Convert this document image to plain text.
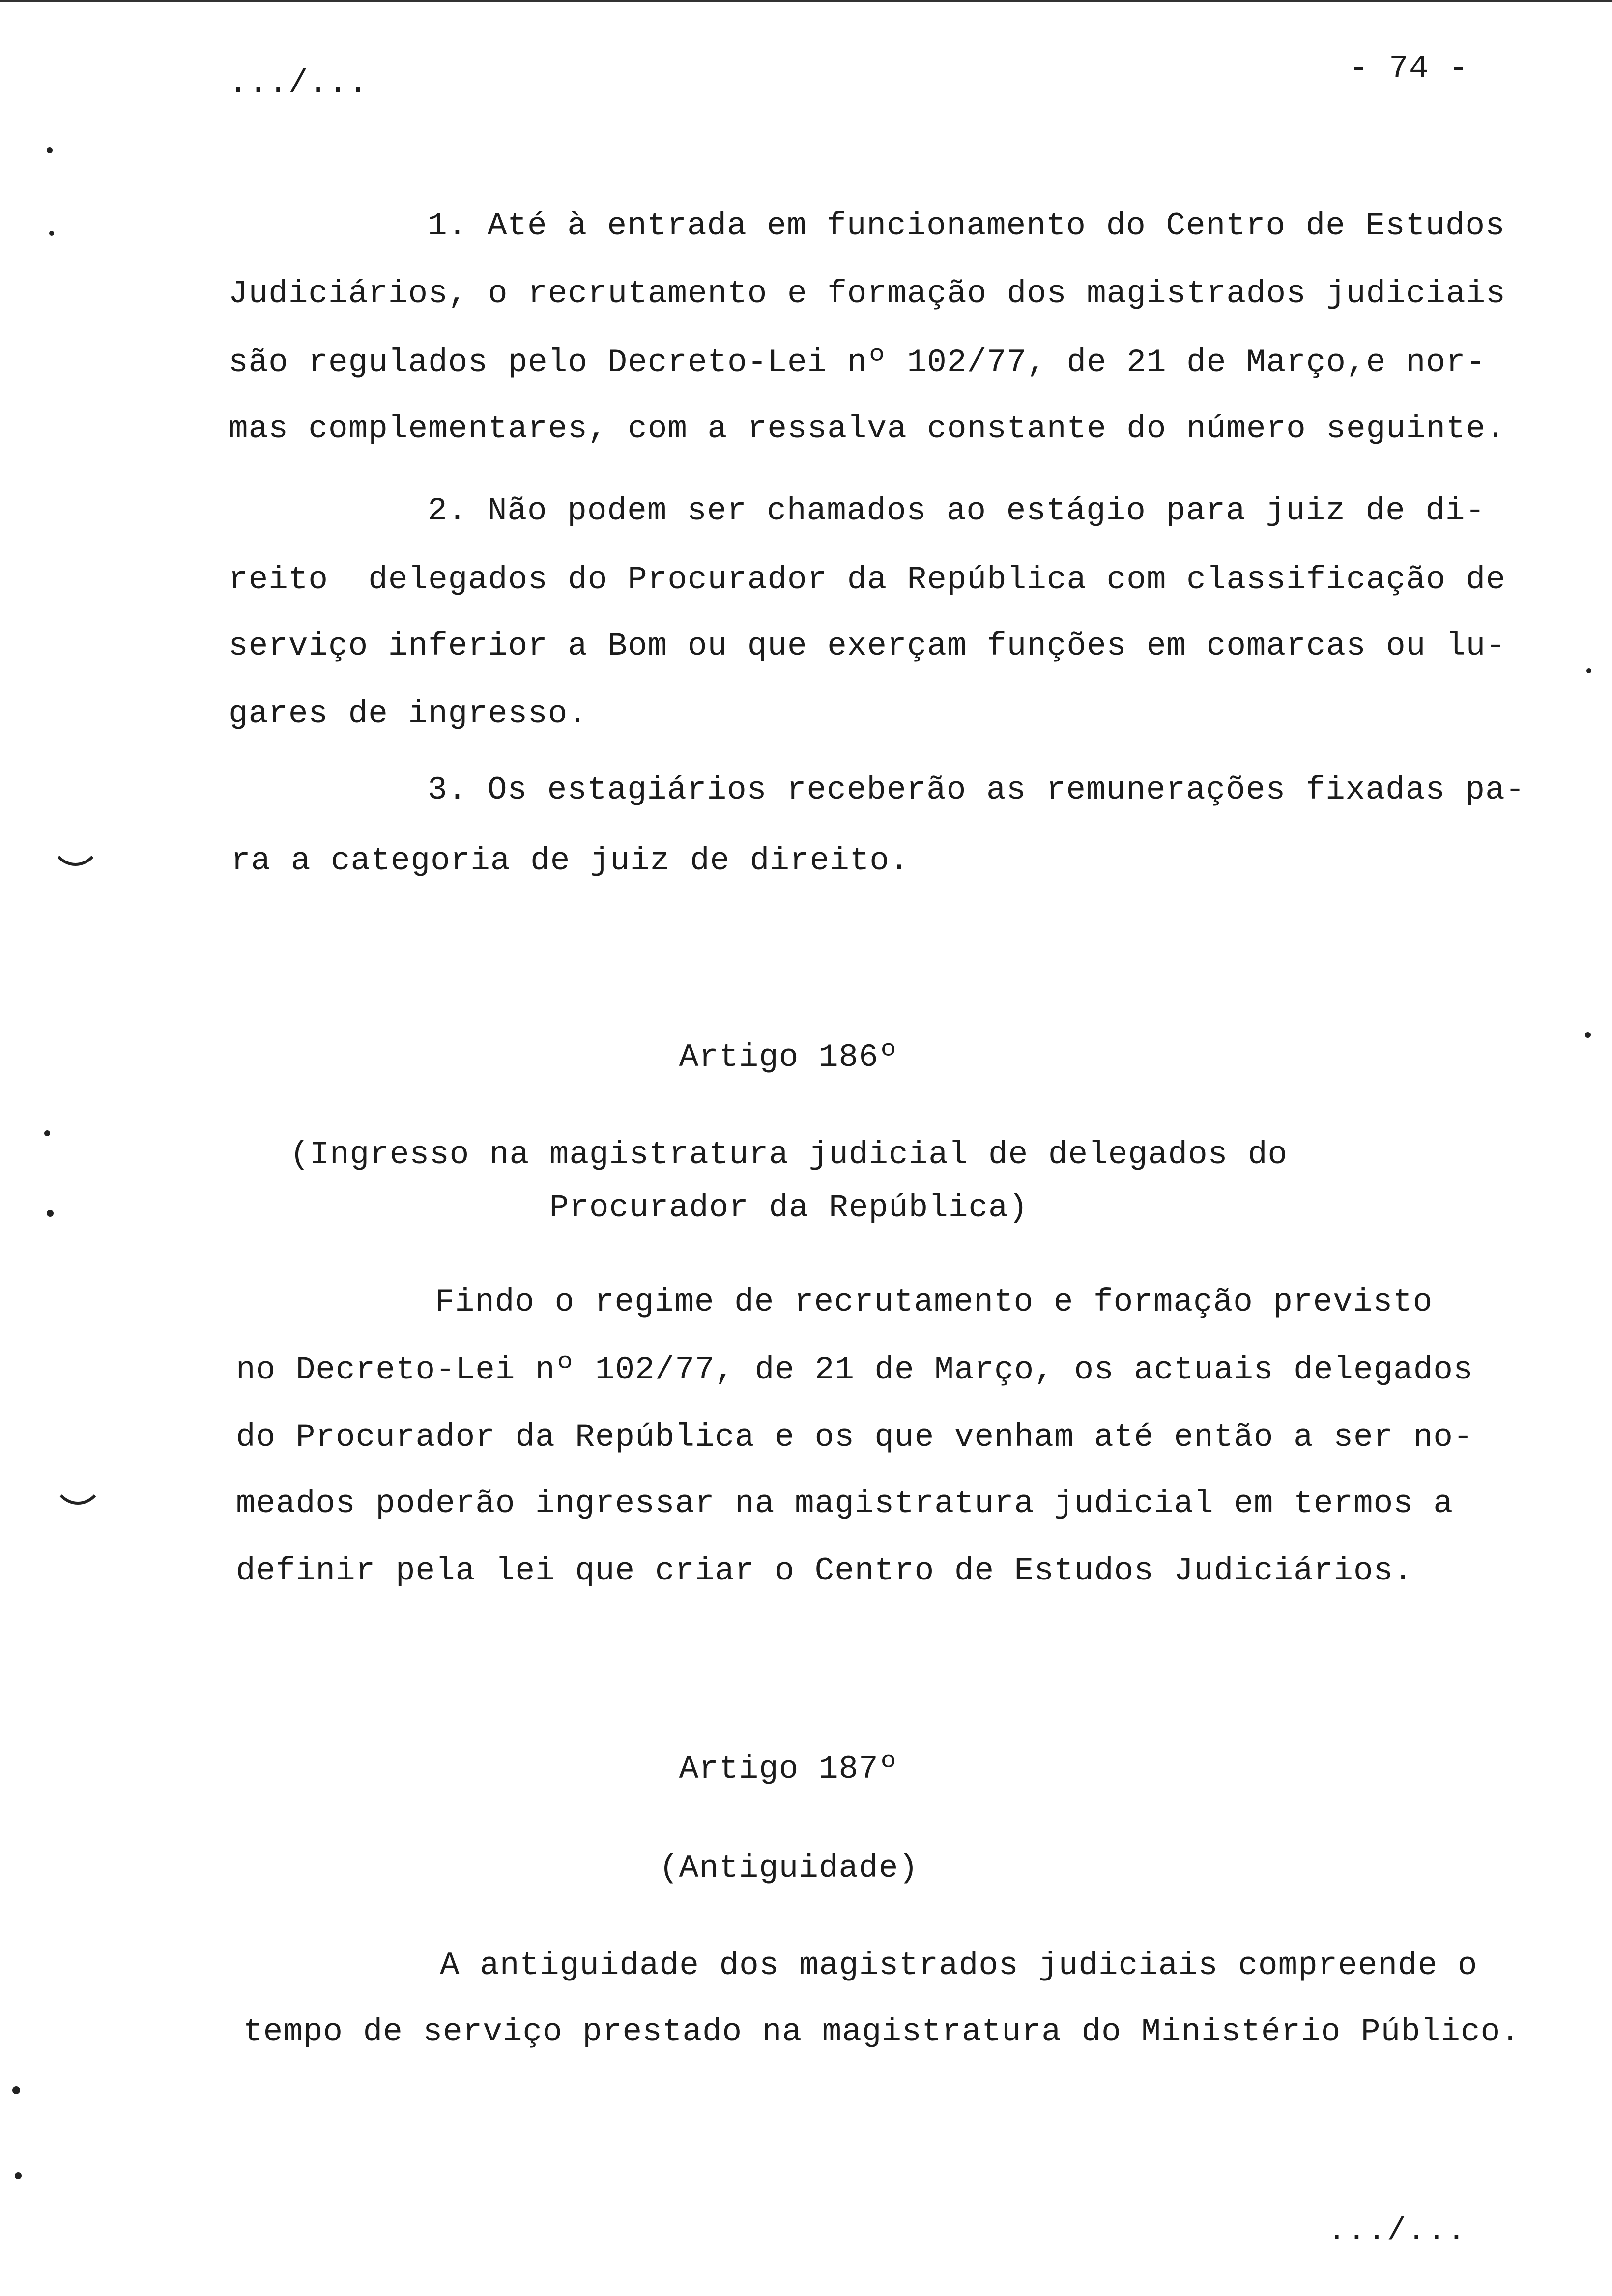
.../...	- 74 -
1. Até à entrada em funcionamento do Centro de Estudos
Judiciários, o recrutamento e formação dos magistrados judiciais
são regulados pelo Decreto-Lei nº 102/77, de 21 de Março,e nor-
mas complementares, com a ressalva constante do número seguinte.
2. Não podem ser chamados ao estágio para juiz de di-
reito  delegados do Procurador da República com classificação de
serviço inferior a Bom ou que exerçam funções em comarcas ou lu-
gares de ingresso.
3. Os estagiários receberão as remunerações fixadas pa-
ra a categoria de juiz de direito.
Artigo 186º
(Ingresso na magistratura judicial de delegados do
Procurador da República)
Findo o regime de recrutamento e formação previsto
no Decreto-Lei nº 102/77, de 21 de Março, os actuais delegados
do Procurador da República e os que venham até então a ser no-
meados poderão ingressar na magistratura judicial em termos a
definir pela lei que criar o Centro de Estudos Judiciários.
Artigo 187º
(Antiguidade)
A antiguidade dos magistrados judiciais compreende o
tempo de serviço prestado na magistratura do Ministério Público.
.../...
